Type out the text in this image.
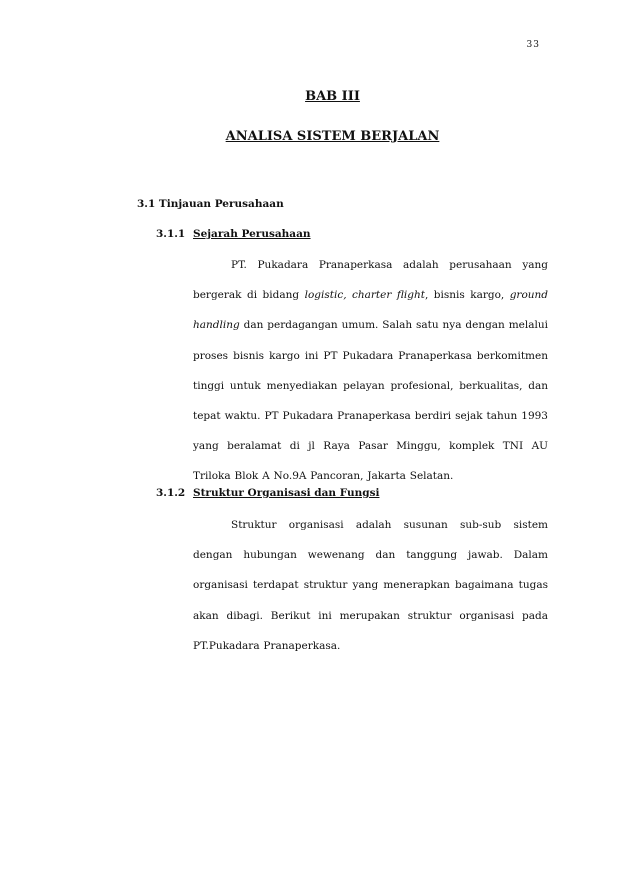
33
BAB III
ANALISA SISTEM BERJALAN
3.1 Tinjauan Perusahaan
3.1.1 Sejarah Perusahaan

PT. Pukadara Pranaperkasa adalah perusahaan yang bergerak di bidang logistic, charter flight, bisnis kargo, ground handling dan perdagangan umum. Salah satu nya dengan melalui proses bisnis kargo ini PT Pukadara Pranaperkasa berkomitmen tinggi untuk menyediakan pelayan profesional, berkualitas, dan tepat waktu. PT Pukadara Pranaperkasa berdiri sejak tahun 1993 yang beralamat di jl Raya Pasar Minggu, komplek TNI AU Triloka Blok A No.9A Pancoran, Jakarta Selatan.

3.1.2 Struktur Organisasi dan Fungsi

Struktur organisasi adalah susunan sub-sub sistem dengan hubungan wewenang dan tanggung jawab. Dalam organisasi terdapat struktur yang menerapkan bagaimana tugas akan dibagi. Berikut ini merupakan struktur organisasi pada PT.Pukadara Pranaperkasa.
